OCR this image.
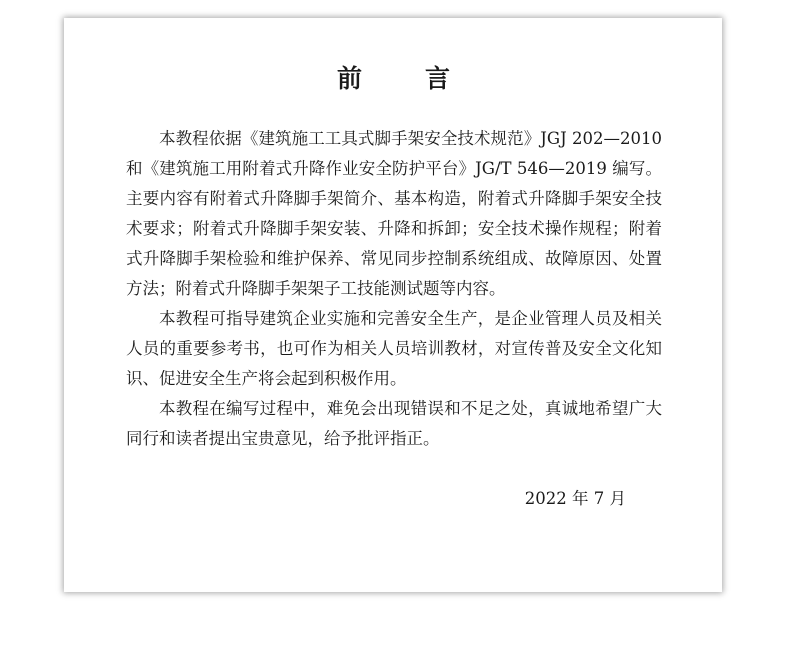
前 言

本教程依据《建筑施工工具式脚手架安全技术规范》JGJ 202—2010 和《建筑施工用附着式升降作业安全防护平台》JG/T 546—2019 编写。主要内容有附着式升降脚手架简介、基本构造，附着式升降脚手架安全技术要求；附着式升降脚手架安装、升降和拆卸；安全技术操作规程；附着式升降脚手架检验和维护保养、常见同步控制系统组成、故障原因、处置方法；附着式升降脚手架架子工技能测试题等内容。

本教程可指导建筑企业实施和完善安全生产，是企业管理人员及相关人员的重要参考书，也可作为相关人员培训教材，对宣传普及安全文化知识、促进安全生产将会起到积极作用。

本教程在编写过程中，难免会出现错误和不足之处，真诚地希望广大同行和读者提出宝贵意见，给予批评指正。

2022 年 7 月
